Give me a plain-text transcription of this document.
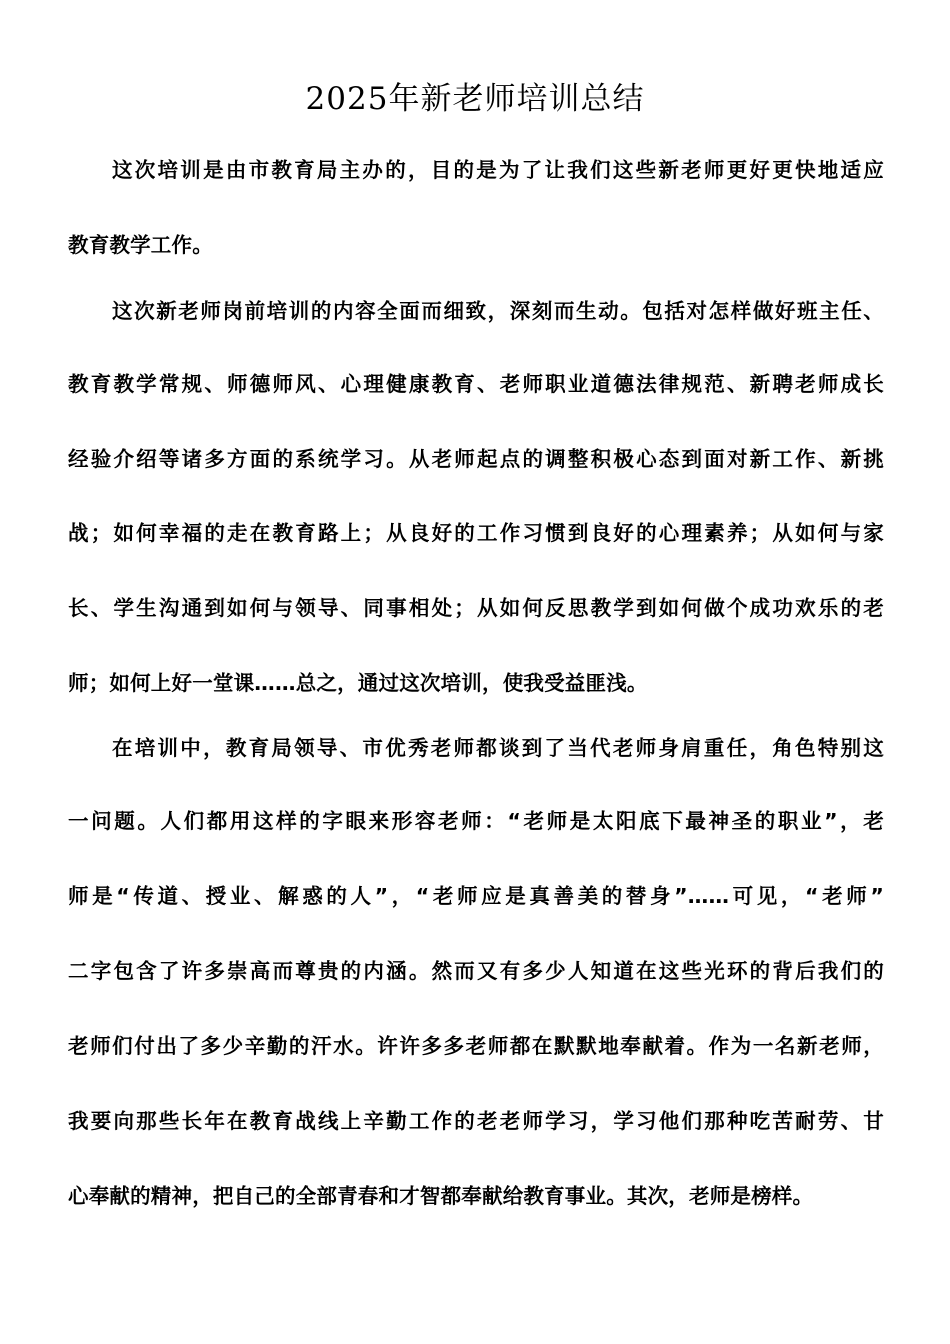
2025年新老师培训总结
这次培训是由市教育局主办的，目的是为了让我们这些新老师更好更快地适应
教育教学工作。
这次新老师岗前培训的内容全面而细致，深刻而生动。包括对怎样做好班主任、
教育教学常规、师德师风、心理健康教育、老师职业道德法律规范、新聘老师成长
经验介绍等诸多方面的系统学习。从老师起点的调整积极心态到面对新工作、新挑
战；如何幸福的走在教育路上；从良好的工作习惯到良好的心理素养；从如何与家
长、学生沟通到如何与领导、同事相处；从如何反思教学到如何做个成功欢乐的老
师；如何上好一堂课……总之，通过这次培训，使我受益匪浅。
在培训中，教育局领导、市优秀老师都谈到了当代老师身肩重任，角色特别这
一问题。人们都用这样的字眼来形容老师：“老师是太阳底下最神圣的职业”，老
师是“传道、授业、解惑的人”，“老师应是真善美的替身”……可见，“老师”
二字包含了许多崇高而尊贵的内涵。然而又有多少人知道在这些光环的背后我们的
老师们付出了多少辛勤的汗水。许许多多老师都在默默地奉献着。作为一名新老师，
我要向那些长年在教育战线上辛勤工作的老老师学习，学习他们那种吃苦耐劳、甘
心奉献的精神，把自己的全部青春和才智都奉献给教育事业。其次，老师是榜样。
